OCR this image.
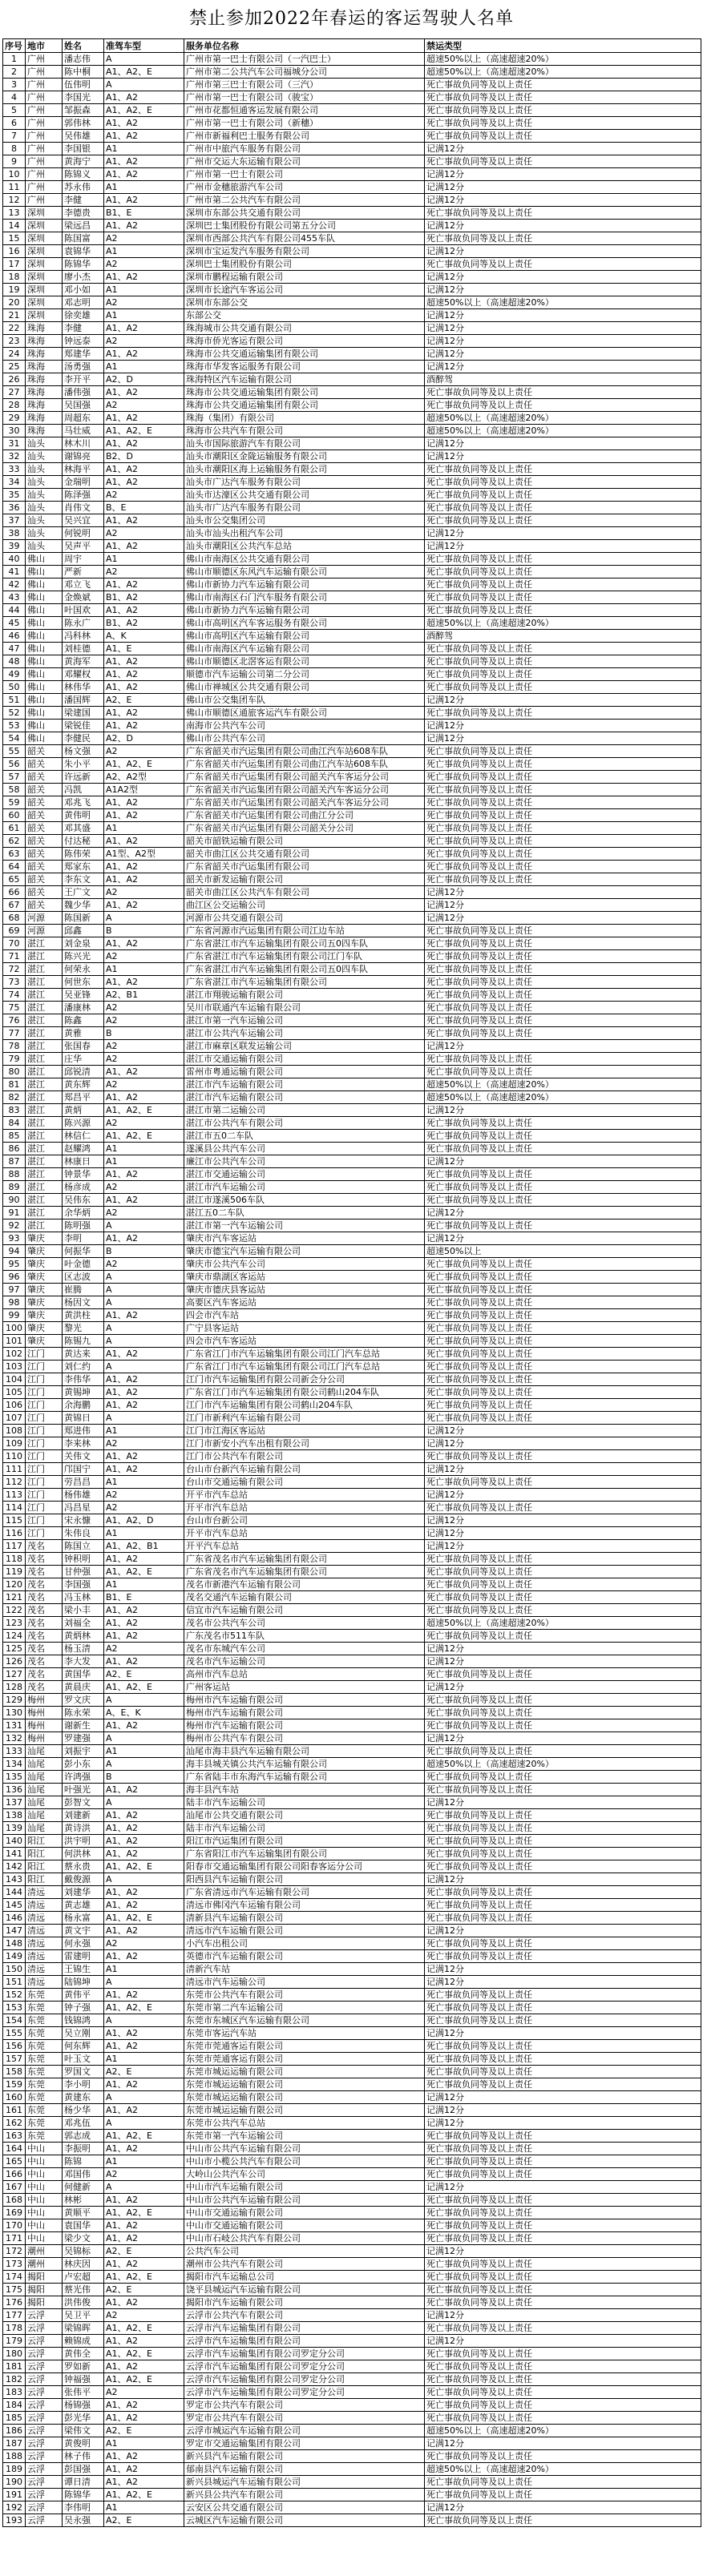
禁止参加2022年春运的客运驾驶人名单
序号	地市	姓名	准驾车型	服务单位名称	禁运类型
1	广州	潘志伟	A	广州市第一巴士有限公司（一汽巴士）	超速50%以上（高速超速20%）
2	广州	陈中桐	A1、A2、E	广州市第二公共汽车公司福城分公司	超速50%以上（高速超速20%）
3	广州	伍伟明	A	广州市第三巴士有限公司（三汽）	死亡事故负同等及以上责任
4	广州	李国光	A1、A2	广州市第一巴士有限公司（骏宝）	死亡事故负同等及以上责任
5	广州	邹振森	A1、A2、E	广州市花都恒通客运发展有限公司	死亡事故负同等及以上责任
6	广州	郭伟林	A1、A2	广州市第一巴士有限公司（新穗）	死亡事故负同等及以上责任
7	广州	吴伟雄	A1、A2	广州市新福利巴士服务有限公司	死亡事故负同等及以上责任
8	广州	李国银	A1	广州市中旅汽车服务有限公司	记满12分
9	广州	黄海宁	A1、A2	广州市交运大东运输有限公司	死亡事故负同等及以上责任
10	广州	陈锦义	A1、A2	广州市第一巴士有限公司	记满12分
11	广州	苏永伟	A1	广州市金穗旅游汽车公司	记满12分
12	广州	李健	A1、A2	广州市第二公共汽车有限公司	记满12分
13	深圳	李德贵	B1、E	深圳市东部公共交通有限公司	死亡事故负同等及以上责任
14	深圳	梁远昌	A1、A2	深圳巴士集团股份有限公司第五分公司	记满12分
15	深圳	陈国富	A2	深圳市西部公共汽车有限公司455车队	死亡事故负同等及以上责任
16	深圳	袁锦华	A1	深圳市宝运发汽车服务有限公司	记满12分
17	深圳	陈锦华	A2	深圳巴士集团股份有限公司	死亡事故负同等及以上责任
18	深圳	廖小杰	A1、A2	深圳市鹏程运输有限公司	记满12分
19	深圳	邓小如	A1	深圳市长途汽车客运公司	记满12分
20	深圳	邓志明	A2	深圳市东部公交	超速50%以上（高速超速20%）
21	深圳	徐奕雄	A1	东部公交	记满12分
22	珠海	李健	A1、A2	珠海城市公共交通有限公司	记满12分
23	珠海	钟远泰	A2	珠海市侨光客运有限公司	记满12分
24	珠海	郑建华	A1、A2	珠海市公共交通运输集团有限公司	记满12分
25	珠海	汤勇强	A1	珠海市华发客运服务有限公司	记满12分
26	珠海	李开平	A2、D	珠海特区汽车运输有限公司	酒醉驾
27	珠海	潘伟强	A1、A2	珠海市公共交通运输集团有限公司	死亡事故负同等及以上责任
28	珠海	吴国强	A2	珠海市公共交通运输集团有限公司	死亡事故负同等及以上责任
29	珠海	周超东	A1、A2	珠海（集团）有限公司	超速50%以上（高速超速20%）
30	珠海	马壮威	A1、A2、E	珠海市公共汽车有限公司	超速50%以上（高速超速20%）
31	汕头	林木川	A1、A2	汕头市国际旅游汽车有限公司	记满12分
32	汕头	谢锦亮	B2、D	汕头市潮阳区金陇运输服务有限公司	记满12分
33	汕头	林海平	A1、A2	汕头市潮阳区海上运输服务有限公司	死亡事故负同等及以上责任
34	汕头	金瑞明	A1、A2	汕头市广达汽车服务有限公司	死亡事故负同等及以上责任
35	汕头	陈泽强	A2	汕头市达濠区公共交通有限公司	死亡事故负同等及以上责任
36	汕头	肖伟文	B、E	汕头市广达汽车服务有限公司	死亡事故负同等及以上责任
37	汕头	吴兴宜	A1、A2	汕头市公交集团公司	死亡事故负同等及以上责任
38	汕头	何锐明	A2	汕头市汕头出租汽车公司	记满12分
39	汕头	吴声平	A1、A2	汕头市潮阳区公共汽车总站	记满12分
40	佛山	周宇	A1	佛山市南海区公共交通有限公司	死亡事故负同等及以上责任
41	佛山	严新	A2	佛山市顺德区东风汽车运输有限公司	死亡事故负同等及以上责任
42	佛山	邓立飞	A1、A2	佛山市新协力汽车运输有限公司	死亡事故负同等及以上责任
43	佛山	金焕斌	B1、A2	佛山市南海区石门汽车服务有限公司	死亡事故负同等及以上责任
44	佛山	叶国欢	A1、A2	佛山市新协力汽车运输有限公司	死亡事故负同等及以上责任
45	佛山	陈永广	B1、A2	佛山市高明区汽车客运服务有限公司	超速50%以上（高速超速20%）
46	佛山	冯科林	A、K	佛山市高明区汽车运输有限公司	酒醉驾
47	佛山	刘桂德	A1、E	佛山市南海区汽车运输有限公司	死亡事故负同等及以上责任
48	佛山	黄海军	A1、A2	佛山市顺德区北滘客运有限公司	死亡事故负同等及以上责任
49	佛山	邓耀权	A1、A2	顺德市汽车运输公司第二分公司	死亡事故负同等及以上责任
50	佛山	林伟华	A1、A2	佛山市禅城区公共交通有限公司	死亡事故负同等及以上责任
51	佛山	潘国辉	A2、E	佛山市公交集团车队	记满12分
52	佛山	梁建国	A1、A2	佛山市顺德区通旅客运汽车有限公司	死亡事故负同等及以上责任
53	佛山	梁锐佳	A1、A2	南海市公共汽车公司	记满12分
54	佛山	李健民	A2、D	佛山市公共汽车公司	记满12分
55	韶关	杨文强	A2	广东省韶关市汽运集团有限公司曲江汽车站608车队	死亡事故负同等及以上责任
56	韶关	朱小平	A1、A2、E	广东省韶关市汽运集团有限公司曲江汽车站608车队	死亡事故负同等及以上责任
57	韶关	许远新	A2、A2型	广东省韶关市汽运集团有限公司韶关汽车客运分公司	死亡事故负同等及以上责任
58	韶关	冯凯	A1A2型	广东省韶关市汽运集团有限公司韶关汽车客运分公司	死亡事故负同等及以上责任
59	韶关	邓兆飞	A1、A2	广东省韶关市汽运集团有限公司韶关汽车客运分公司	死亡事故负同等及以上责任
60	韶关	黄伟明	A1、A2	广东省韶关市汽运集团有限公司曲江分公司	死亡事故负同等及以上责任
61	韶关	邓其盛	A1	广东省韶关市汽运集团有限公司韶关分公司	死亡事故负同等及以上责任
62	韶关	付达秘	A1、A2	韶关市韶铁运输有限公司	死亡事故负同等及以上责任
63	韶关	陈伟荣	A1型、A2型	韶关市曲江区公共交通有限公司	死亡事故负同等及以上责任
64	韶关	郑家东	A1、A2	广东省韶关市汽运集团有限公司	死亡事故负同等及以上责任
65	韶关	李东文	A1、A2	韶关市新发运输有限公司	死亡事故负同等及以上责任
66	韶关	王广文	A2	韶关市曲江区公共汽车有限公司	记满12分
67	韶关	魏少华	A1、A2	曲江区公交运输公司	记满12分
68	河源	陈国新	A	河源市公共交通有限公司	记满12分
69	河源	邱鑫	B	广东省河源市汽运集团有限公司江边车站	死亡事故负同等及以上责任
70	湛江	刘金泉	A1、A2	广东省湛江市汽车运输集团有限公司五0四车队	死亡事故负同等及以上责任
71	湛江	陈兴光	A2	广东省湛江市汽车运输集团有限公司江门车队	死亡事故负同等及以上责任
72	湛江	何荣永	A1	广东省湛江市汽车运输集团有限公司五0四车队	死亡事故负同等及以上责任
73	湛江	何世东	A1、A2	广东省湛江市汽车运输集团有限公司	死亡事故负同等及以上责任
74	湛江	吴亚锋	A2、B1	湛江市翔骏运输有限公司	死亡事故负同等及以上责任
75	湛江	潘康林	A2	吴川市联通汽车运输有限公司	死亡事故负同等及以上责任
76	湛江	陈鑫	A2	湛江市第一汽车运输公司	死亡事故负同等及以上责任
77	湛江	黄雅	B	湛江市公共汽车运输公司	死亡事故负同等及以上责任
78	湛江	张国春	A2	湛江市麻章区联发运输公司	记满12分
79	湛江	庄华	A2	湛江市交通运输有限公司	死亡事故负同等及以上责任
80	湛江	邱锐清	A1、A2	雷州市粤通运输有限公司	死亡事故负同等及以上责任
81	湛江	黄东辉	A2	湛江市汽车运输有限公司	超速50%以上（高速超速20%）
82	湛江	郑昌平	A1、A2	湛江市汽车运输有限公司	超速50%以上（高速超速20%）
83	湛江	黄炳	A1、A2、E	湛江市第二运输公司	记满12分
84	湛江	陈兴源	A2	湛江市公共汽车有限公司	死亡事故负同等及以上责任
85	湛江	林信仁	A1、A2、E	湛江市五0二车队	死亡事故负同等及以上责任
86	湛江	赵耀鸿	A1	遂溪县公共汽车公司	死亡事故负同等及以上责任
87	湛江	林康日	A1	廉江市公共汽车公司	记满12分
88	湛江	钟景华	A1、A2	湛江市交通运输公司	死亡事故负同等及以上责任
89	湛江	杨彦成	A2	湛江市汽车运输公司	死亡事故负同等及以上责任
90	湛江	吴伟东	A1、A2	湛江市遂溪506车队	死亡事故负同等及以上责任
91	湛江	余华炳	A2	湛江五0二车队	记满12分
92	湛江	陈明强	A	湛江市第一汽车运输公司	死亡事故负同等及以上责任
93	肇庆	李明	A1、A2	肇庆市汽车客运站	记满12分
94	肇庆	何振华	B	肇庆市德宝汽车运输有限公司	超速50%以上
95	肇庆	叶金德	A2	肇庆市公共汽车公司	死亡事故负同等及以上责任
96	肇庆	区志波	A	肇庆市鼎湖区客运站	死亡事故负同等及以上责任
97	肇庆	崔腾	A	肇庆市德庆县客运站	死亡事故负同等及以上责任
98	肇庆	杨因文	A	高要区汽车客运站	死亡事故负同等及以上责任
99	肇庆	黄洪柱	A1、A2	四会市汽车站	死亡事故负同等及以上责任
100	肇庆	黎光	A	广宁县客运站	死亡事故负同等及以上责任
101	肇庆	陈锡九	A	四会市汽车客运站	死亡事故负同等及以上责任
102	江门	黄达来	A1、A2	广东省江门市汽车运输集团有限公司江门汽车总站	死亡事故负同等及以上责任
103	江门	刘仁约	A	广东省江门市汽车运输集团有限公司江门汽车总站	死亡事故负同等及以上责任
104	江门	李伟华	A1、A2	江门市汽车运输集团有限公司新会分公司	死亡事故负同等及以上责任
105	江门	黄锡坤	A1、A2	广东省江门市汽车运输集团有限公司鹤山204车队	死亡事故负同等及以上责任
106	江门	余海鹏	A1、A2	江门市汽车运输集团有限公司鹤山204车队	死亡事故负同等及以上责任
107	江门	黄锦日	A	江门市新利汽车运输有限公司	死亡事故负同等及以上责任
108	江门	郑进伟	A1	江门市江海区客运站	记满12分
109	江门	李来林	A2	江门市新安小汽车出租有限公司	记满12分
110	江门	关伟文	A1、A2	江门市公共汽车有限公司	死亡事故负同等及以上责任
111	江门	邝国宁	A1、A2	台山市台新汽车运输有限公司	记满12分
112	江门	劳昌昌	A1	台山市交通运输有限公司	死亡事故负同等及以上责任
113	江门	杨伟雄	A2	开平市汽车总站	记满12分
114	江门	冯昌星	A2	开平市汽车总站	死亡事故负同等及以上责任
115	江门	宋永慷	A1、A2、D	台山市台新公司	记满12分
116	江门	朱伟良	A1	开平市汽车总站	记满12分
117	茂名	陈国立	A1、A2、B1	开平汽车总站	记满12分
118	茂名	钟积明	A1、A2	广东省茂名市汽车运输集团有限公司	死亡事故负同等及以上责任
119	茂名	甘仲强	A1、A2、E	广东省茂名市汽车运输集团有限公司	死亡事故负同等及以上责任
120	茂名	李国强	A1	茂名市新港汽车运输有限公司	死亡事故负同等及以上责任
121	茂名	冯玉林	B1、E	茂名交通汽车运输有限公司	死亡事故负同等及以上责任
122	茂名	梁小丰	A1、A2	信宜市汽车运输有限公司	死亡事故负同等及以上责任
123	茂名	刘福全	A1、A2	茂名市公共汽车公司	超速50%以上（高速超速20%）
124	茂名	黄炳林	A1、A2	广东茂名市511车队	死亡事故负同等及以上责任
125	茂名	杨玉清	A2	茂名市东城汽车公司	记满12分
126	茂名	李大发	A1、A2	茂名市汽车运输公司	记满12分
127	茂名	黄国华	A2、E	高州市汽车总站	死亡事故负同等及以上责任
128	茂名	黄晨庆	A1、A2、E	广州客运站	记满12分
129	梅州	罗文庆	A	梅州市汽车运输有限公司	死亡事故负同等及以上责任
130	梅州	陈永荣	A、E、K	梅州市汽车运输有限公司	死亡事故负同等及以上责任
131	梅州	谢新生	A1、A2	梅州市汽车运输有限公司	死亡事故负同等及以上责任
132	梅州	罗建强	A	梅州市公共汽车有限公司	记满12分
133	汕尾	刘振宇	A1	汕尾市海丰县汽车运输有限公司	死亡事故负同等及以上责任
134	汕尾	彭小东	A	海丰县城关镇公共汽车运输有限公司	超速50%以上（高速超速20%）
135	汕尾	许鸿强	B	广东省陆丰市东海汽车运输有限公司	死亡事故负同等及以上责任
136	汕尾	叶强光	A1、A2	海丰县汽车站	死亡事故负同等及以上责任
137	汕尾	彭智文	A	陆丰市汽车运输公司	记满12分
138	汕尾	刘建新	A1、A2	汕尾市公共交通有限公司	死亡事故负同等及以上责任
139	汕尾	黄诗洪	A1、A2	陆丰市汽车运输公司	死亡事故负同等及以上责任
140	阳江	洪宇明	A1、A2	阳江市汽运集团有限公司	死亡事故负同等及以上责任
141	阳江	何洪林	A1、A2	广东省阳江市汽车运输集团有限公司	死亡事故负同等及以上责任
142	阳江	蔡永贵	A1、A2、E	阳春市交通运输集团有限公司阳春客运分公司	死亡事故负同等及以上责任
143	阳江	戴俊源	A	阳西县汽车运输有限公司	记满12分
144	清远	刘建华	A1、A2	广东省清远市汽车运输有限公司	死亡事故负同等及以上责任
145	清远	黄志雄	A1、A2	清远市佛冈汽车运输有限公司	死亡事故负同等及以上责任
146	清远	杨永富	A1、A2、E	清新县汽车运输有限公司	死亡事故负同等及以上责任
147	清远	黄文宇	A1、A2	清远市汽车运输有限公司	记满12分
148	清远	何永强	A2	小汽车出租公司	死亡事故负同等及以上责任
149	清远	雷建明	A1、A2	英德市汽车运输有限公司	死亡事故负同等及以上责任
150	清远	王锦生	A1	清新汽车站	记满12分
151	清远	陆锦坤	A	清远市汽车运输公司	记满12分
152	东莞	黄伟平	A1、A2	东莞市公共汽车有限公司	死亡事故负同等及以上责任
153	东莞	钟子强	A1、A2、E	东莞市第二汽车运输公司	死亡事故负同等及以上责任
154	东莞	钱锦鸿	A	东莞市东城区汽车运输有限公司	死亡事故负同等及以上责任
155	东莞	吴立刚	A1、A2	东莞市客运汽车站	记满12分
156	东莞	何东辉	A1、A2	东莞市莞通客运有限公司	死亡事故负同等及以上责任
157	东莞	叶玉文	A1	东莞市莞通客运有限公司	死亡事故负同等及以上责任
158	东莞	罗国文	A2、E	东莞市城运运输有限公司	死亡事故负同等及以上责任
159	东莞	李小明	A1、A2	东莞市城运运输有限公司	死亡事故负同等及以上责任
160	东莞	黄建东	A	东莞市城运运输有限公司	记满12分
161	东莞	杨少华	A1、A2	东莞市城运运输有限公司	记满12分
162	东莞	邓兆伍	A	东莞市公共汽车总站	记满12分
163	东莞	郭志成	A1、A2、E	东莞市第一汽车运输公司	死亡事故负同等及以上责任
164	中山	李振明	A1、A2	中山市公共汽车运输有限公司	死亡事故负同等及以上责任
165	中山	陈锦	A1	中山市小榄公共汽车有限公司	死亡事故负同等及以上责任
166	中山	邓国伟	A2	大岭山公共汽车公司	死亡事故负同等及以上责任
167	中山	何健新	A	中山市汽车运输有限公司	记满12分
168	中山	林彬	A1、A2	中山市公共汽车运输有限公司	死亡事故负同等及以上责任
169	中山	黄顺平	A1、A2、E	中山市交通运输有限公司	死亡事故负同等及以上责任
170	中山	袁国华	A1、A2	中山市交通运输有限公司	死亡事故负同等及以上责任
171	中山	梁少文	A1、A2	中山市石岐公共汽车有限公司	死亡事故负同等及以上责任
172	潮州	吴锦标	A2、E	公共汽车公司	记满12分
173	潮州	林庆因	A1、A2	潮州市公共汽车有限公司	死亡事故负同等及以上责任
174	揭阳	卢宏超	A1、A2、E	揭阳市汽车运输总公司	死亡事故负同等及以上责任
175	揭阳	蔡光伟	A2、E	饶平县城运汽车运输有限公司	死亡事故负同等及以上责任
176	揭阳	洪伟俊	A1、A2	揭阳市汽车运输有限公司	死亡事故负同等及以上责任
177	云浮	吴卫平	A2	云浮市公共汽车有限公司	记满12分
178	云浮	梁锦晖	A1、A2、E	云浮市汽车运输集团有限公司	死亡事故负同等及以上责任
179	云浮	赖锦成	A1、A2	云浮市汽车运输集团有限公司	记满12分
180	云浮	黄伟全	A1、A2、E	云浮市汽车运输集团有限公司罗定分公司	死亡事故负同等及以上责任
181	云浮	罗如新	A1、A2	云浮市汽车运输集团有限公司罗定分公司	死亡事故负同等及以上责任
182	云浮	钟福强	A1、A2、E	云浮市汽车运输集团有限公司罗定分公司	死亡事故负同等及以上责任
183	云浮	张伟平	A2	云浮市汽车运输集团有限公司罗定分公司	死亡事故负同等及以上责任
184	云浮	杨锦强	A1、A2	罗定市公共汽车有限公司	死亡事故负同等及以上责任
185	云浮	彭光华	A1、A2	罗定市公共汽车有限公司	死亡事故负同等及以上责任
186	云浮	梁伟文	A2、E	云浮市城运汽车运输有限公司	超速50%以上（高速超速20%）
187	云浮	黄俊明	A1	罗定市交通运输集团有限公司	记满12分
188	云浮	林子伟	A1、A2	新兴县汽车运输有限公司	死亡事故负同等及以上责任
189	云浮	彭国强	A1、A2	郁南县汽车运输有限公司	超速50%以上（高速超速20%）
190	云浮	谭日清	A1、A2	新兴县城运汽车运输有限公司	死亡事故负同等及以上责任
191	云浮	陈锦华	A1、A2、E	新兴县公共汽车有限公司	死亡事故负同等及以上责任
192	云浮	李伟明	A1	云安区公共交通有限公司	记满12分
193	云浮	吴永强	A2、E	云城区汽车运输有限公司	死亡事故负同等及以上责任
